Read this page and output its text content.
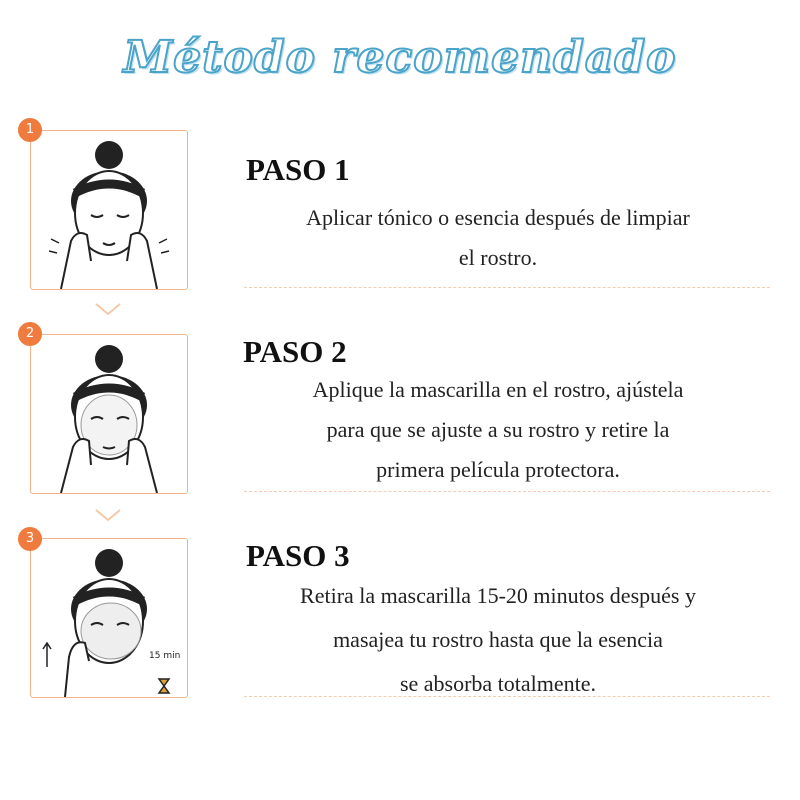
Método recomendado
1
PASO 1
Aplicar tónico o esencia después de limpiar
el rostro.
2
PASO 2
Aplique la mascarilla en el rostro, ajústela
para que se ajuste a su rostro y retire la
primera película protectora.
15 min
3	PASO 3
Retira la mascarilla 15-20 minutos después y
masajea tu rostro hasta que la esencia
se absorba totalmente.
